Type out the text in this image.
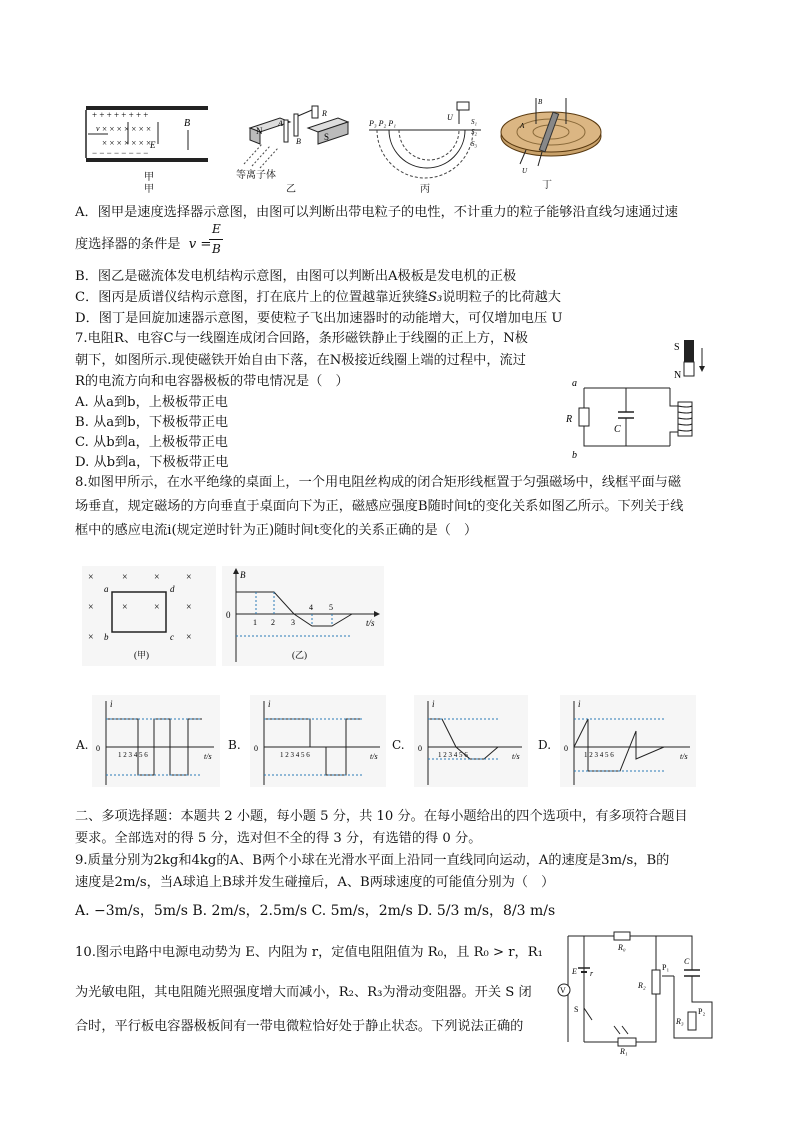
+ + + + + + + +
− − − − − − − −
× × × × × × ×
× × × × × × ×
v	B
E
甲
甲
N
S
A
B
R
等离子体
乙
P₃ P₂ P₁
U	S₁
S₂
S₃
丙
B
A
U
丁
A．图甲是速度选择器示意图，由图可以判断出带电粒子的电性，不计重力的粒子能够沿直线匀速通过速
度选择器的条件是 v =
E
B
B．图乙是磁流体发电机结构示意图，由图可以判断出A极板是发电机的正极
C．图丙是质谱仪结构示意图，打在底片上的位置越靠近狭缝S₃说明粒子的比荷越大
D．图丁是回旋加速器示意图，要使粒子飞出加速器时的动能增大，可仅增加电压 U
7.电阻R、电容C与一线圈连成闭合回路，条形磁铁静止于线圈的正上方，N极
朝下，如图所示.现使磁铁开始自由下落，在N极接近线圈上端的过程中，流过
R的电流方向和电容器极板的带电情况是（　）
A. 从a到b，上极板带正电
B. 从a到b，下极板带正电
C. 从b到a，上极板带正电
D. 从b到a，下极板带正电
S
N
a
b
R
C
8.如图甲所示，在水平绝缘的桌面上，一个用电阻丝构成的闭合矩形线框置于匀强磁场中，线框平面与磁
场垂直，规定磁场的方向垂直于桌面向下为正，磁感应强度B随时间t的变化关系如图乙所示。下列关于线
框中的感应电流i(规定逆时针为正)随时间t变化的关系正确的是（　）
×	×	×	×
×	×	×	×
×	×
a
b	c
d
(甲)
B
0
t/s
1 2 3
4 5
(乙)
A.
i
0
t/s
1 2 3 4 5 6
B.
i
0
t/s
1 2 3 4 5 6
C.
i
0
t/s
1 2 3 4 5 6
D.
i
0
t/s
1 2 3 4 5 6
二、多项选择题：本题共 2 小题，每小题 5 分，共 10 分。在每小题给出的四个选项中，有多项符合题目
要求。全部选对的得 5 分，选对但不全的得 3 分，有选错的得 0 分。
9.质量分别为2kg和4kg的A、B两个小球在光滑水平面上沿同一直线同向运动，A的速度是3m/s，B的
速度是2m/s，当A球追上B球并发生碰撞后，A、B两球速度的可能值分别为（　）
A. −3m/s，5m/s B. 2m/s，2.5m/s C. 5m/s，2m/s D. 5/3 m/s，8/3 m/s
10.图示电路中电源电动势为 E、内阻为 r，定值电阻阻值为 R₀，且 R₀ > r，R₁
为光敏电阻，其电阻随光照强度增大而减小，R₂、R₃为滑动变阻器。开关 S 闭
合时，平行板电容器极板间有一带电微粒恰好处于静止状态。下列说法正确的
R₀
E r
V
S
R₁
R₂
P₁
C
R₃
P₂
